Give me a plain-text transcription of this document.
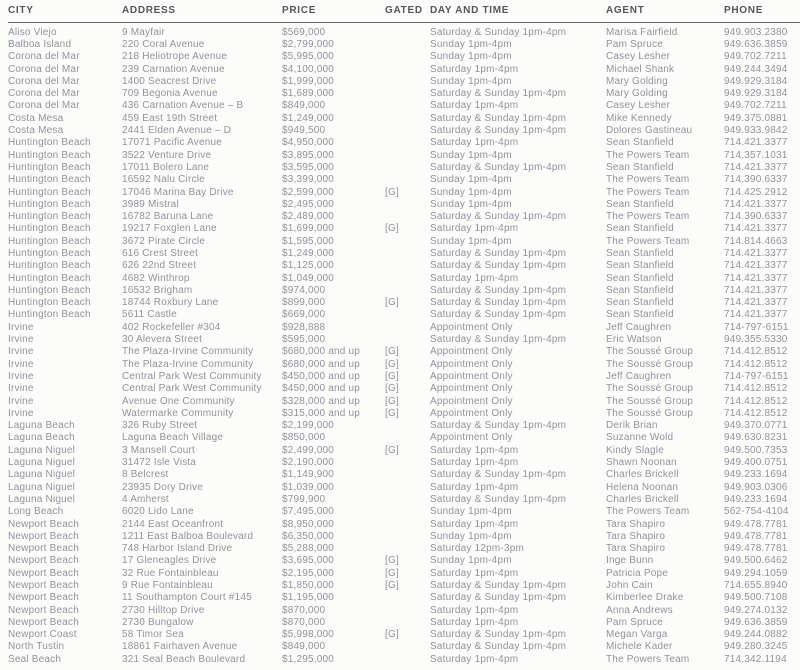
CITY	ADDRESS	PRICE	GATED DAY AND TIME	AGENT	PHONE
Aliso Viejo	9 Mayfair	$569,000	Saturday & Sunday 1pm-4pm	Marisa Fairfield	949.903.2380
Balboa Island	220 Coral Avenue	$2,799,000	Sunday 1pm-4pm	Pam Spruce	949.636.3859
Corona del Mar	218 Heliotrope Avenue	$5,995,000	Sunday 1pm-4pm	Casey Lesher	949.702.7211
Corona del Mar	239 Carnation Avenue	$4,100,000	Saturday 1pm-4pm	Michael Shank	949.244.3494
Corona del Mar	1400 Seacrest Drive	$1,999,000	Sunday 1pm-4pm	Mary Golding	949.929.3184
Corona del Mar	709 Begonia Avenue	$1,689,000	Saturday & Sunday 1pm-4pm	Mary Golding	949.929.3184
Corona del Mar	436 Carnation Avenue – B	$849,000	Saturday 1pm-4pm	Casey Lesher	949.702.7211
Costa Mesa	459 East 19th Street	$1,249,000	Saturday & Sunday 1pm-4pm	Mike Kennedy	949.375.0881
Costa Mesa	2441 Elden Avenue – D	$949,500	Saturday & Sunday 1pm-4pm	Dolores Gastineau	949.933.9842
Huntington Beach	17071 Pacific Avenue	$4,950,000	Saturday 1pm-4pm	Sean Stanfield	714.421.3377
Huntington Beach	3522 Venture Drive	$3,895,000	Sunday 1pm-4pm	The Powers Team	714.357.1031
Huntington Beach	17011 Bolero Lane	$3,595,000	Saturday & Sunday 1pm-4pm	Sean Stanfield	714.421.3377
Huntington Beach	16592 Nalu Circle	$3,399,000	Sunday 1pm-4pm	The Powers Team	714.390.6337
Huntington Beach	17046 Marina Bay Drive	$2,599,000	[G]	Sunday 1pm-4pm	The Powers Team	714.425.2912
Huntington Beach	3989 Mistral	$2,495,000	Sunday 1pm-4pm	Sean Stanfield	714.421.3377
Huntington Beach	16782 Baruna Lane	$2,489,000	Saturday & Sunday 1pm-4pm	The Powers Team	714.390.6337
Huntington Beach	19217 Foxglen Lane	$1,699,000	[G]	Saturday 1pm-4pm	Sean Stanfield	714.421.3377
Huntington Beach	3672 Pirate Circle	$1,595,000	Sunday 1pm-4pm	The Powers Team	714.814.4663
Huntington Beach	616 Crest Street	$1,249,000	Saturday & Sunday 1pm-4pm	Sean Stanfield	714.421.3377
Huntington Beach	626 22nd Street	$1,125,000	Saturday & Sunday 1pm-4pm	Sean Stanfield	714.421.3377
Huntington Beach	4682 Winthrop	$1,049,000	Saturday 1pm-4pm	Sean Stanfield	714.421.3377
Huntington Beach	16532 Brigham	$974,000	Saturday & Sunday 1pm-4pm	Sean Stanfield	714.421.3377
Huntington Beach	18744 Roxbury Lane	$899,000	[G]	Saturday & Sunday 1pm-4pm	Sean Stanfield	714.421.3377
Huntington Beach	5611 Castle	$669,000	Saturday & Sunday 1pm-4pm	Sean Stanfield	714.421.3377
Irvine	402 Rockefeller #304	$928,888	Appointment Only	Jeff Caughren	714-797-6151
Irvine	30 Alevera Street	$595,000	Saturday & Sunday 1pm-4pm	Eric Watson	949.355.5330
Irvine	The Plaza-Irvine Community	$680,000 and up	[G]	Appointment Only	The Soussé Group	714.412.8512
Irvine	The Plaza-Irvine Community	$680,000 and up	[G]	Appointment Only	The Soussé Group	714.412.8512
Irvine	Central Park West Community	$450,000 and up	[G]	Appointment Only	Jeff Caughren	714-797-6151
Irvine	Central Park West Community	$450,000 and up	[G]	Appointment Only	The Soussé Group	714.412.8512
Irvine	Avenue One Community	$328,000 and up	[G]	Appointment Only	The Soussé Group	714.412.8512
Irvine	Watermarke Community	$315,000 and up	[G]	Appointment Only	The Soussé Group	714.412.8512
Laguna Beach	326 Ruby Street	$2,199,000	Saturday & Sunday 1pm-4pm	Derik Brian	949.370.0771
Laguna Beach	Laguna Beach Village	$850,000	Appointment Only	Suzanne Wold	949.630.8231
Laguna Niguel	3 Mansell Court	$2,499,000	[G]	Saturday 1pm-4pm	Kindy Slagle	949.500.7353
Laguna Niguel	31472 Isle Vista	$2,190,000	Saturday 1pm-4pm	Shawn Noonan	949.400.0751
Laguna Niguel	8 Belcrest	$1,149,900	Saturday & Sunday 1pm-4pm	Charles Brickell	949.233.1694
Laguna Niguel	23935 Dory Drive	$1,039,000	Saturday 1pm-4pm	Helena Noonan	949.903.0306
Laguna Niguel	4 Amherst	$799,900	Saturday & Sunday 1pm-4pm	Charles Brickell	949.233.1694
Long Beach	6020 Lido Lane	$7,495,000	Sunday 1pm-4pm	The Powers Team	562-754-4104
Newport Beach	2144 East Oceanfront	$8,950,000	Saturday 1pm-4pm	Tara Shapiro	949.478.7781
Newport Beach	1211 East Balboa Boulevard	$6,350,000	Sunday 1pm-4pm	Tara Shapiro	949.478.7781
Newport Beach	748 Harbor Island Drive	$5,288,000	Saturday 12pm-3pm	Tara Shapiro	949.478.7781
Newport Beach	17 Gleneagles Drive	$3,695,000	[G]	Sunday 1pm-4pm	Inge Bunn	949.500.6462
Newport Beach	32 Rue Fontainbleau	$2,195,000	[G]	Saturday 1pm-4pm	Patricia Pope	949.294.1059
Newport Beach	9 Rue Fontainbleau	$1,850,000	[G]	Saturday & Sunday 1pm-4pm	John Cain	714.655.8940
Newport Beach	11 Southampton Court #145	$1,195,000	Saturday & Sunday 1pm-4pm	Kimberlee Drake	949.500.7108
Newport Beach	2730 Hilltop Drive	$870,000	Saturday 1pm-4pm	Anna Andrews	949.274.0132
Newport Beach	2730 Bungalow	$870,000	Saturday 1pm-4pm	Pam Spruce	949.636.3859
Newport Coast	58 Timor Sea	$5,998,000	[G]	Saturday & Sunday 1pm-4pm	Megan Varga	949.244.0882
North Tustin	18861 Fairhaven Avenue	$849,000	Saturday & Sunday 1pm-4pm	Michele Kader	949.280.3245
Seal Beach	321 Seal Beach Boulevard	$1,295,000	Saturday 1pm-4pm	The Powers Team	714.342.1194
